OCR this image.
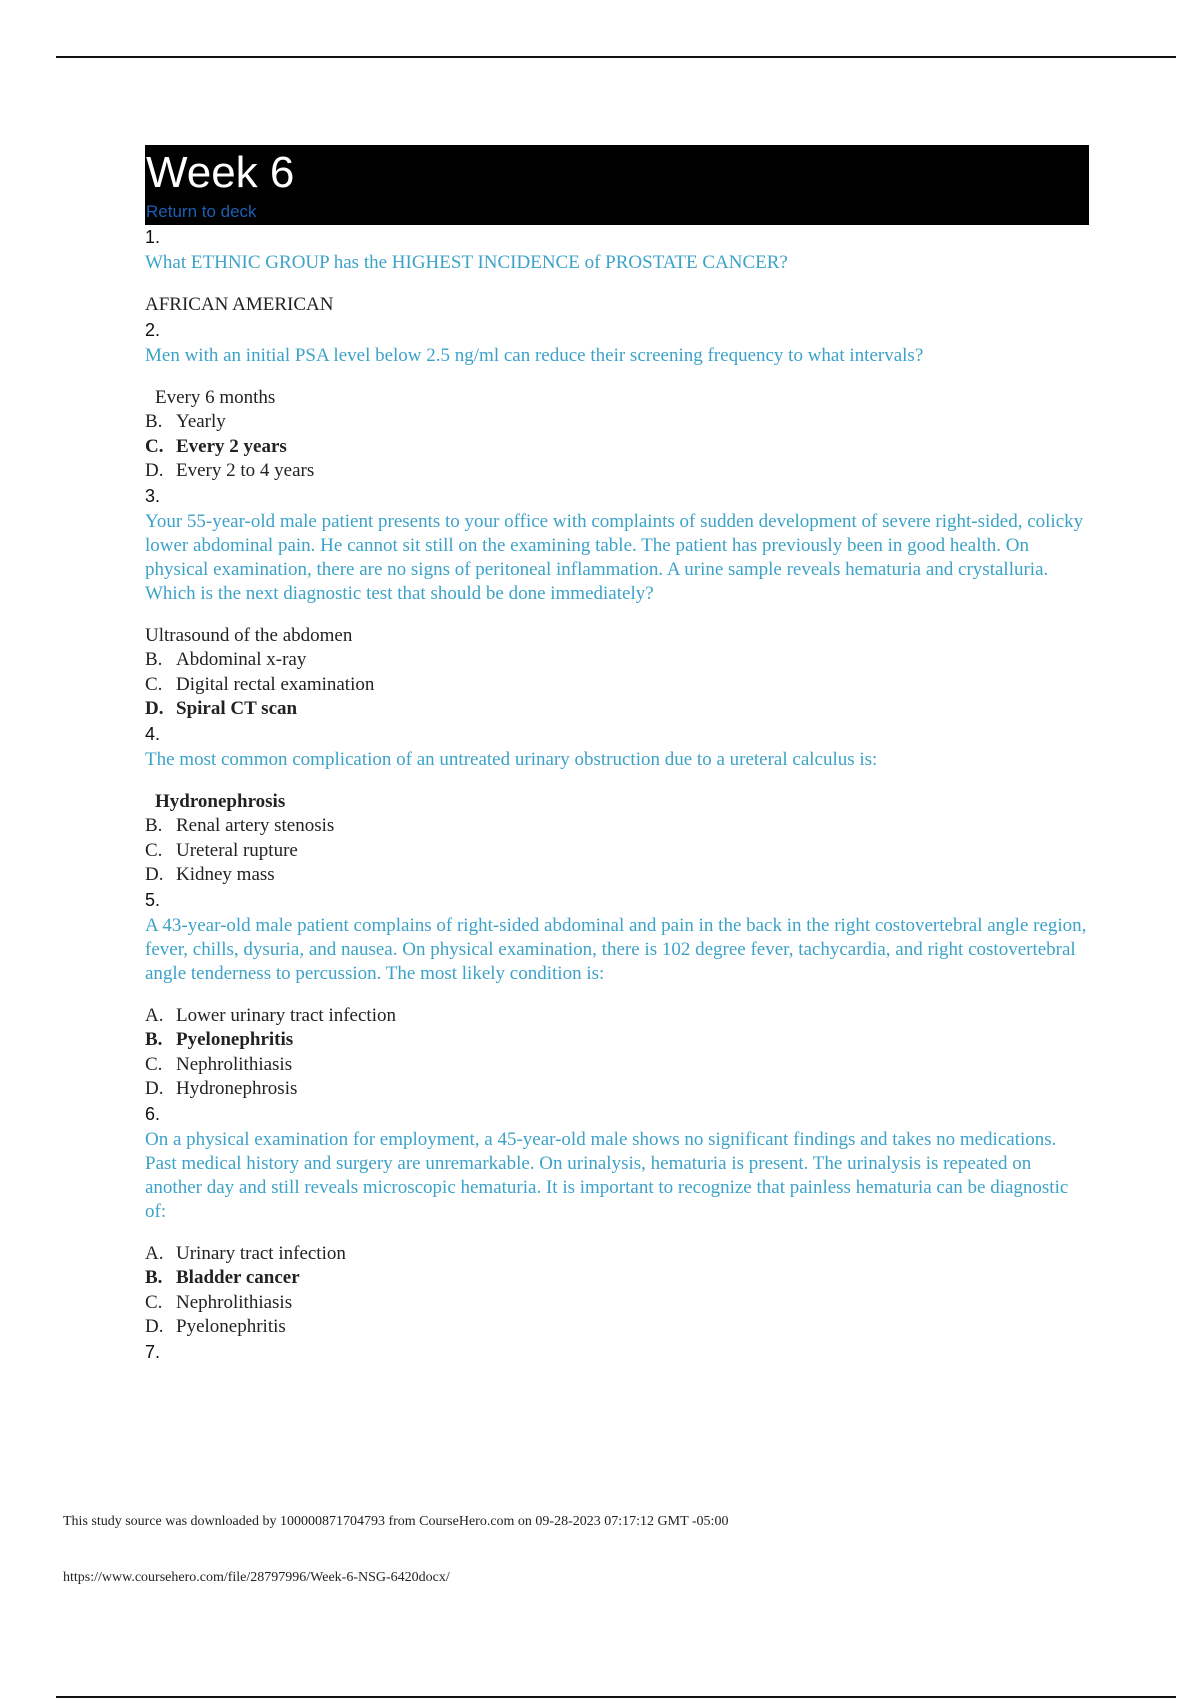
Week 6
Return to deck
1.
What ETHNIC GROUP has the HIGHEST INCIDENCE of PROSTATE CANCER?
AFRICAN AMERICAN
2.
Men with an initial PSA level below 2.5 ng/ml can reduce their screening frequency to what intervals?
Every 6 months
B. Yearly
C. Every 2 years
D. Every 2 to 4 years
3.
Your 55-year-old male patient presents to your office with complaints of sudden development of severe right-sided, colicky lower abdominal pain. He cannot sit still on the examining table. The patient has previously been in good health. On physical examination, there are no signs of peritoneal inflammation. A urine sample reveals hematuria and crystalluria. Which is the next diagnostic test that should be done immediately?
Ultrasound of the abdomen
B. Abdominal x-ray
C. Digital rectal examination
D. Spiral CT scan
4.
The most common complication of an untreated urinary obstruction due to a ureteral calculus is:
Hydronephrosis
B. Renal artery stenosis
C. Ureteral rupture
D. Kidney mass
5.
A 43-year-old male patient complains of right-sided abdominal and pain in the back in the right costovertebral angle region, fever, chills, dysuria, and nausea. On physical examination, there is 102 degree fever, tachycardia, and right costovertebral angle tenderness to percussion. The most likely condition is:
A. Lower urinary tract infection
B. Pyelonephritis
C. Nephrolithiasis
D. Hydronephrosis
6.
On a physical examination for employment, a 45-year-old male shows no significant findings and takes no medications. Past medical history and surgery are unremarkable. On urinalysis, hematuria is present. The urinalysis is repeated on another day and still reveals microscopic hematuria. It is important to recognize that painless hematuria can be diagnostic of:
A. Urinary tract infection
B. Bladder cancer
C. Nephrolithiasis
D. Pyelonephritis
7.
This study source was downloaded by 100000871704793 from CourseHero.com on 09-28-2023 07:17:12 GMT -05:00
https://www.coursehero.com/file/28797996/Week-6-NSG-6420docx/
